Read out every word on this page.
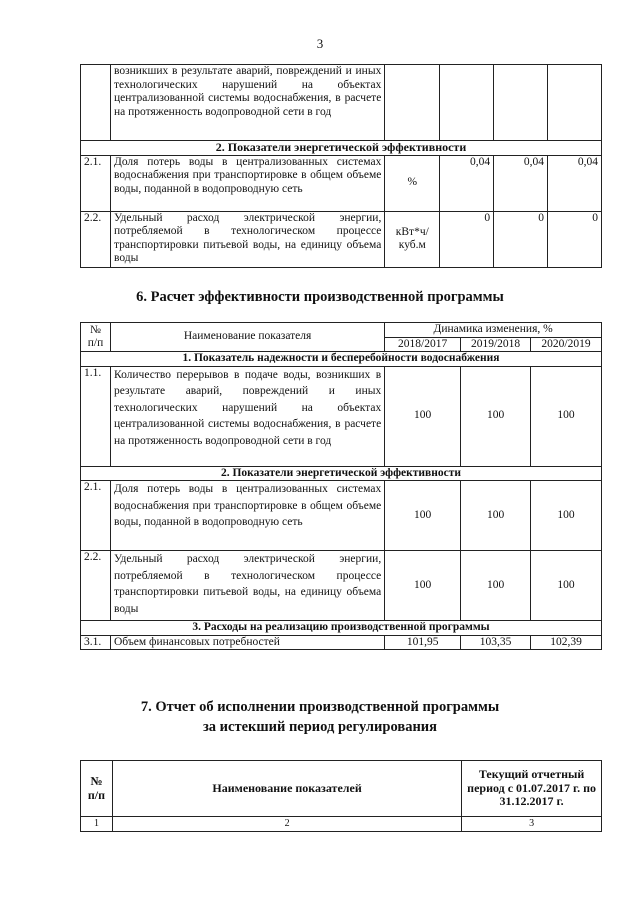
3
	возникших в результате аварий, повреждений и иных технологических нарушений на объектах централизованной системы водоснабжения, в расчете на протяженность водопроводной сети в год				
2. Показатели энергетической эффективности					
2.1.	Доля потерь воды в централизованных системах водоснабжения при транспортировке в общем объеме воды, поданной в водопроводную сеть	%	0,04	0,04	0,04
2.2.	Удельный расход электрической энергии, потребляемой в технологическом процессе транспортировки питьевой воды, на единицу объема воды	кВт*ч/ куб.м	0	0	0
6. Расчет эффективности производственной программы
№ п/п	Наименование показателя	Динамика изменения, %		
		2018/2017	2019/2018	2020/2019
1. Показатель надежности и бесперебойности водоснабжения				
1.1.	Количество перерывов в подаче воды, возникших в результате аварий, повреждений и иных технологических нарушений на объектах централизованной системы водоснабжения, в расчете на протяженность водопроводной сети в год	100	100	100
2. Показатели энергетической эффективности				
2.1.	Доля потерь воды в централизованных системах водоснабжения при транспортировке в общем объеме воды, поданной в водопроводную сеть	100	100	100
2.2.	Удельный расход электрической энергии, потребляемой в технологическом процессе транспортировки питьевой воды, на единицу объема воды	100	100	100
3. Расходы на реализацию производственной программы				
3.1.	Объем финансовых потребностей	101,95	103,35	102,39
7. Отчет об исполнении производственной программы
за истекший период регулирования
№ п/п	Наименование показателей	Текущий отчетный период с 01.07.2017 г. по 31.12.2017 г.
1	2	3
